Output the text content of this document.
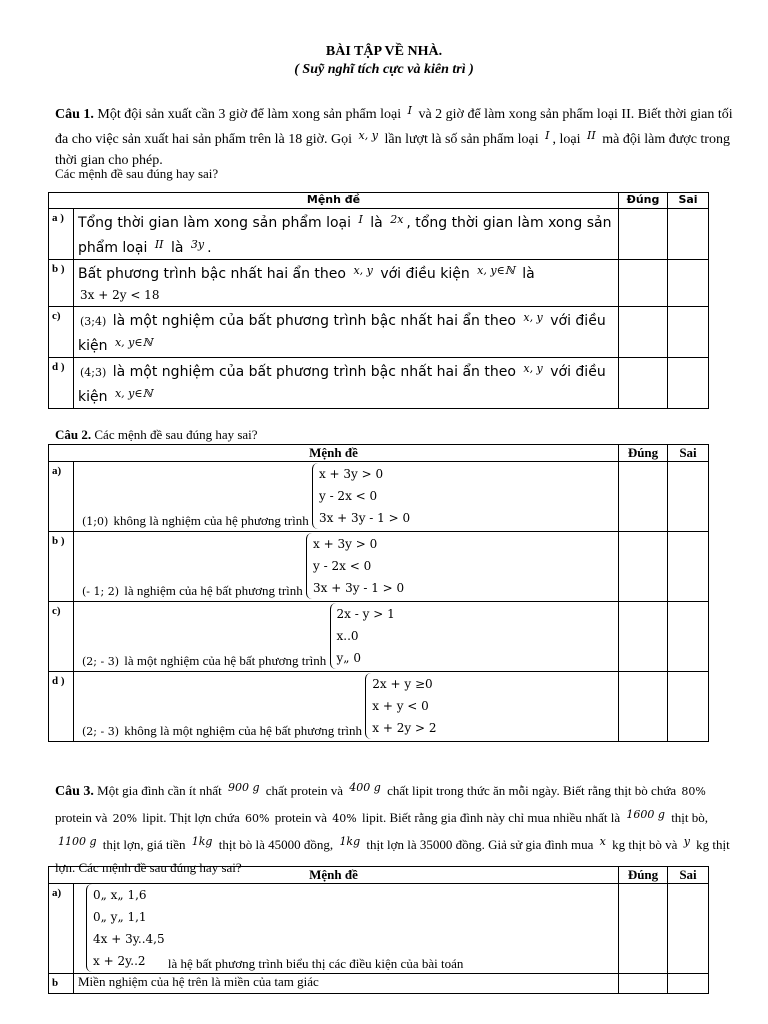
BÀI TẬP VỀ NHÀ.
( Suỹ nghĩ tích cực và kiên trì )
Câu 1. Một đội sản xuất cần 3 giờ để làm xong sản phẩm loại $^I$ và 2 giờ để làm xong sản phẩm loại II. Biết thời gian tối đa cho việc sản xuất hai sản phẩm trên là 18 giờ. Gọi $^{x, y}$ lần lượt là số sản phẩm loại $^I$ , loại $^{II}$ mà đội làm được trong thời gian cho phép.
Các mệnh đề sau đúng hay sai?
Mệnh đề		Đúng	Sai
a )	Tổng thời gian làm xong sản phẩm loại $^I$ là $^{2x}$ , tổng thời gian làm xong sản phẩm loại $^{II}$ là $^{3y}$ .		
b )	Bất phương trình bậc nhất hai ẩn theo $^{x, y}$ với điều kiện $^{x, y\in ℕ}$ là
3x + 2y < 18		
c)	(3;4) là một nghiệm của bất phương trình bậc nhất hai ẩn theo $^{x, y}$ với điều kiện $^{x, y\in ℕ}$		
d )	(4;3) là một nghiệm của bất phương trình bậc nhất hai ẩn theo $^{x, y}$ với điều kiện $^{x, y\in ℕ}$		
Câu 2. Các mệnh đề sau đúng hay sai?
Mệnh đề		Đúng	Sai
a)	(1;0) không là nghiệm của hệ phương trình x + 3y > 0
y - 2x < 0
3x + 3y - 1 > 0		

b )	(- 1; 2) là nghiệm của hệ bất phương trình x + 3y > 0
y - 2x < 0
3x + 3y - 1 > 0		

c)	(2; - 3) là một nghiệm của hệ bất phương trình 2x - y > 1
x..0
y„ 0		

d )	(2; - 3) không là một nghiệm của hệ bất phương trình 2x + y ≥0
x + y < 0
x + 2y > 2		

Câu 3. Một gia đình cần ít nhất $^{900 g}$ chất protein và $^{400 g}$ chất lipit trong thức ăn mỗi ngày. Biết rằng thịt bò chứa 80% protein và 20% lipit. Thịt lợn chứa 60% protein và 40% lipit. Biết rằng gia đình này chỉ mua nhiều nhất là $^{1600 g}$ thịt bò, $^{1100 g}$ thịt lợn, giá tiền $^{1kg}$ thịt bò là 45000 đồng, $^{1kg}$ thịt lợn là 35000 đồng. Giả sử gia đình mua $^x$ kg thịt bò và $^y$ kg thịt lợn. Các mệnh đề sau đúng hay sai?	Mệnh đề		Đúng	Sai
a)	0„ x„ 1,6
0„ y„ 1,1
4x + 3y..4,5
x + 2y..2 là hệ bất phương trình biểu thị các điều kiện của bài toán		
b	Miền nghiệm của hệ trên là miền của tam giác		
